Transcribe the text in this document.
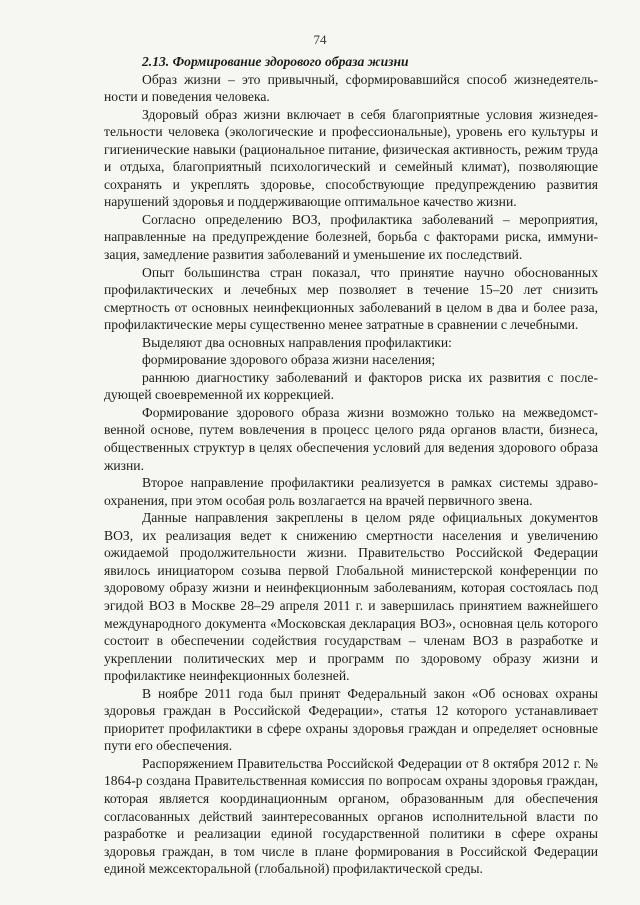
74

2.13. Формирование здорового образа жизни

Образ жизни – это привычный, сформировавшийся способ жизнедеятельности и поведения человека.

Здоровый образ жизни включает в себя благоприятные условия жизнедеятельности человека (экологические и профессиональные), уровень его культуры и гигиенические навыки (рациональное питание, физическая активность, режим труда и отдыха, благоприятный психологический и семейный климат), позволяющие сохранять и укреплять здоровье, способствующие предупреждению развития нарушений здоровья и поддерживающие оптимальное качество жизни.

Согласно определению ВОЗ, профилактика заболеваний – мероприятия, направленные на предупреждение болезней, борьба с факторами риска, иммунизация, замедление развития заболеваний и уменьшение их последствий.

Опыт большинства стран показал, что принятие научно обоснованных профилактических и лечебных мер позволяет в течение 15–20 лет снизить смертность от основных неинфекционных заболеваний в целом в два и более раза, профилактические меры существенно менее затратные в сравнении с лечебными.

Выделяют два основных направления профилактики:

формирование здорового образа жизни населения;

раннюю диагностику заболеваний и факторов риска их развития с последующей своевременной их коррекцией.

Формирование здорового образа жизни возможно только на межведомственной основе, путем вовлечения в процесс целого ряда органов власти, бизнеса, общественных структур в целях обеспечения условий для ведения здорового образа жизни.

Второе направление профилактики реализуется в рамках системы здравоохранения, при этом особая роль возлагается на врачей первичного звена.

Данные направления закреплены в целом ряде официальных документов ВОЗ, их реализация ведет к снижению смертности населения и увеличению ожидаемой продолжительности жизни. Правительство Российской Федерации явилось инициатором созыва первой Глобальной министерской конференции по здоровому образу жизни и неинфекционным заболеваниям, которая состоялась под эгидой ВОЗ в Москве 28–29 апреля 2011 г. и завершилась принятием важнейшего международного документа «Московская декларация ВОЗ», основная цель которого состоит в обеспечении содействия государствам – членам ВОЗ в разработке и укреплении политических мер и программ по здоровому образу жизни и профилактике неинфекционных болезней.

В ноябре 2011 года был принят Федеральный закон «Об основах охраны здоровья граждан в Российской Федерации», статья 12 которого устанавливает приоритет профилактики в сфере охраны здоровья граждан и определяет основные пути его обеспечения.

Распоряжением Правительства Российской Федерации от 8 октября 2012 г. № 1864-р создана Правительственная комиссия по вопросам охраны здоровья граждан, которая является координационным органом, образованным для обеспечения согласованных действий заинтересованных органов исполнительной власти по разработке и реализации единой государственной политики в сфере охраны здоровья граждан, в том числе в плане формирования в Российской Федерации единой межсекторальной (глобальной) профилактической среды.
